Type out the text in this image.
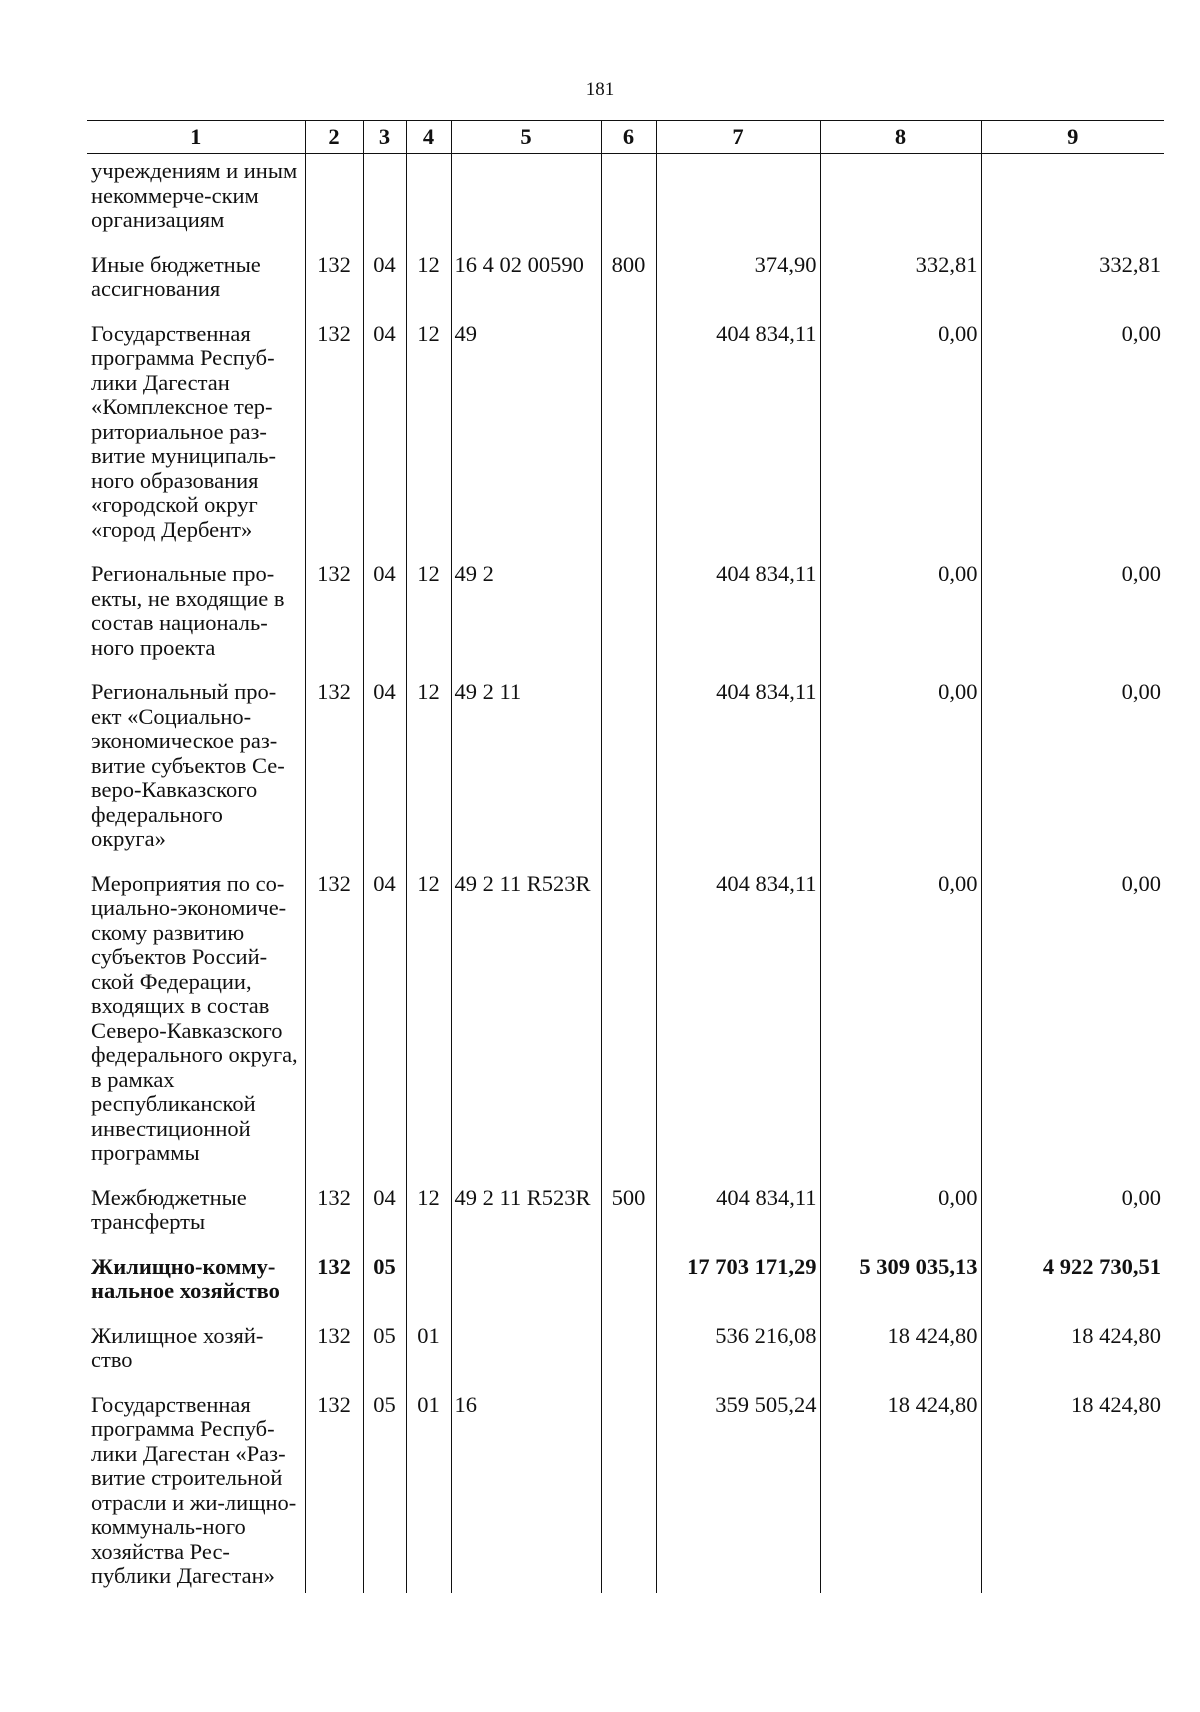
181
1	2	3	4	5	6	7	8	9
учреждениям и иным некоммерче-ским организациям								
Иные бюджетные ассигнования	132	04	12	16 4 02 00590	800	374,90	332,81	332,81
Государственная программа Респуб-лики Дагестан «Комплексное тер-риториальное раз-витие муниципаль-ного образования «городской округ «город Дербент»	132	04	12	49		404 834,11	0,00	0,00
Региональные про-екты, не входящие в состав националь-ного проекта	132	04	12	49 2		404 834,11	0,00	0,00
Региональный про-ект «Социально-экономическое раз-витие субъектов Се-веро-Кавказского федерального округа»	132	04	12	49 2 11		404 834,11	0,00	0,00
Мероприятия по со-циально-экономиче-скому развитию субъектов Россий-ской Федерации, входящих в состав Северо-Кавказского федерального округа, в рамках республиканской инвестиционной программы	132	04	12	49 2 11 R523R		404 834,11	0,00	0,00
Межбюджетные трансферты	132	04	12	49 2 11 R523R	500	404 834,11	0,00	0,00
Жилищно-комму-нальное хозяйство	132	05				17 703 171,29	5 309 035,13	4 922 730,51
Жилищное хозяй-ство	132	05	01			536 216,08	18 424,80	18 424,80
Государственная программа Респуб-лики Дагестан «Раз-витие строительной отрасли и жи-лищно-коммуналь-ного хозяйства Рес-публики Дагестан»	132	05	01	16		359 505,24	18 424,80	18 424,80
